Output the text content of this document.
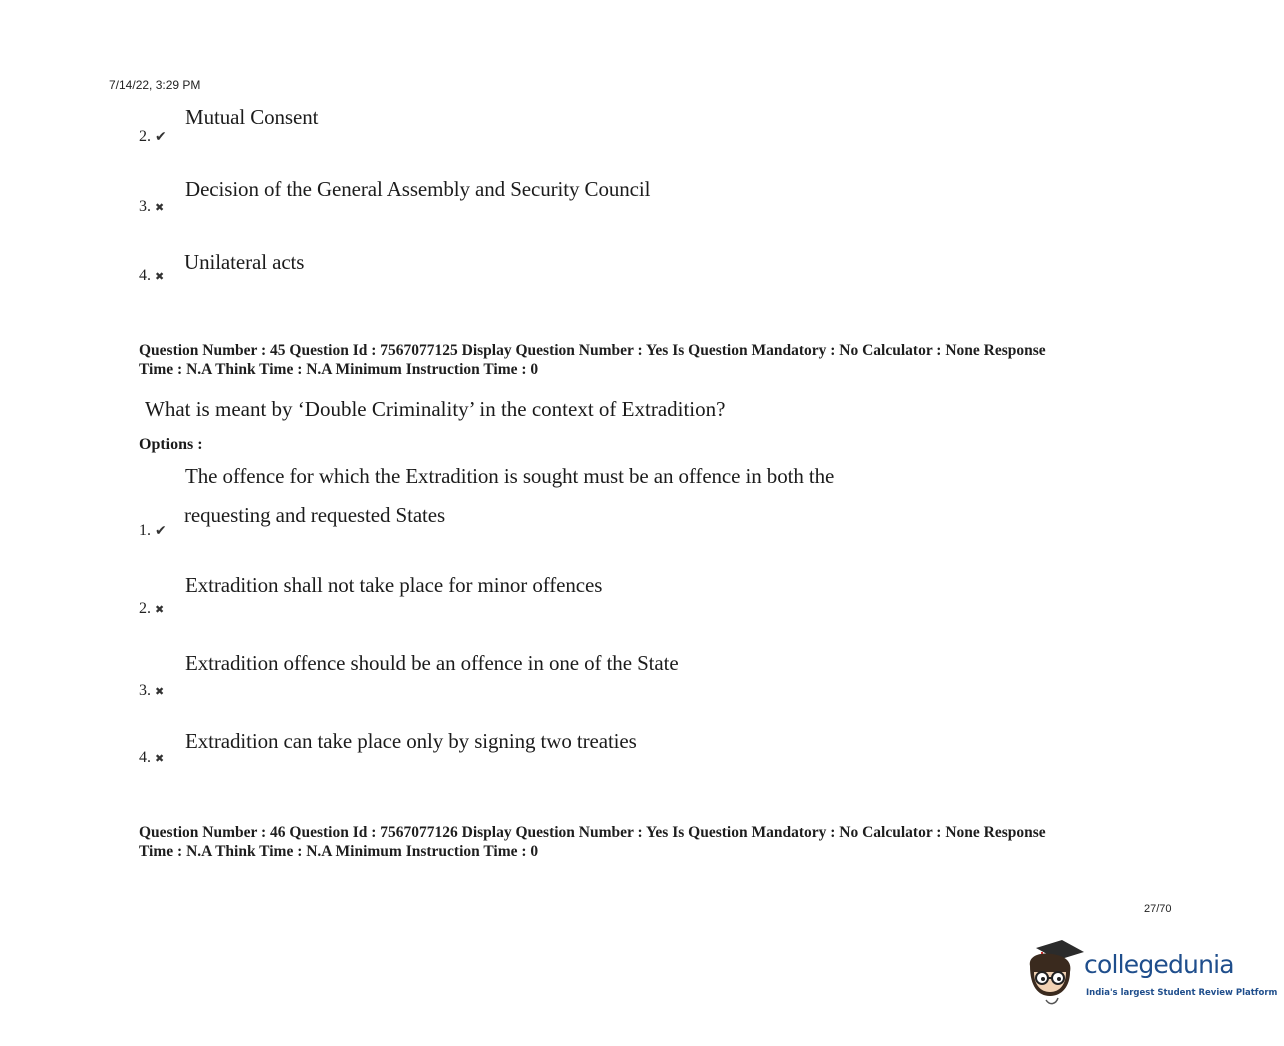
7/14/22, 3:29 PM
2. ✔
Mutual Consent
3. ✖
Decision of the General Assembly and Security Council
4. ✖
Unilateral acts
Question Number : 45 Question Id : 7567077125 Display Question Number : Yes Is Question Mandatory : No Calculator : None Response
Time : N.A Think Time : N.A Minimum Instruction Time : 0
What is meant by ‘Double Criminality’ in the context of Extradition?
Options :
The offence for which the Extradition is sought must be an offence in both the
requesting and requested States
1. ✔
Extradition shall not take place for minor offences
2. ✖
Extradition offence should be an offence in one of the State
3. ✖
Extradition can take place only by signing two treaties
4. ✖
Question Number : 46 Question Id : 7567077126 Display Question Number : Yes Is Question Mandatory : No Calculator : None Response
Time : N.A Think Time : N.A Minimum Instruction Time : 0
27/70
collegedunia
India's largest Student Review Platform
